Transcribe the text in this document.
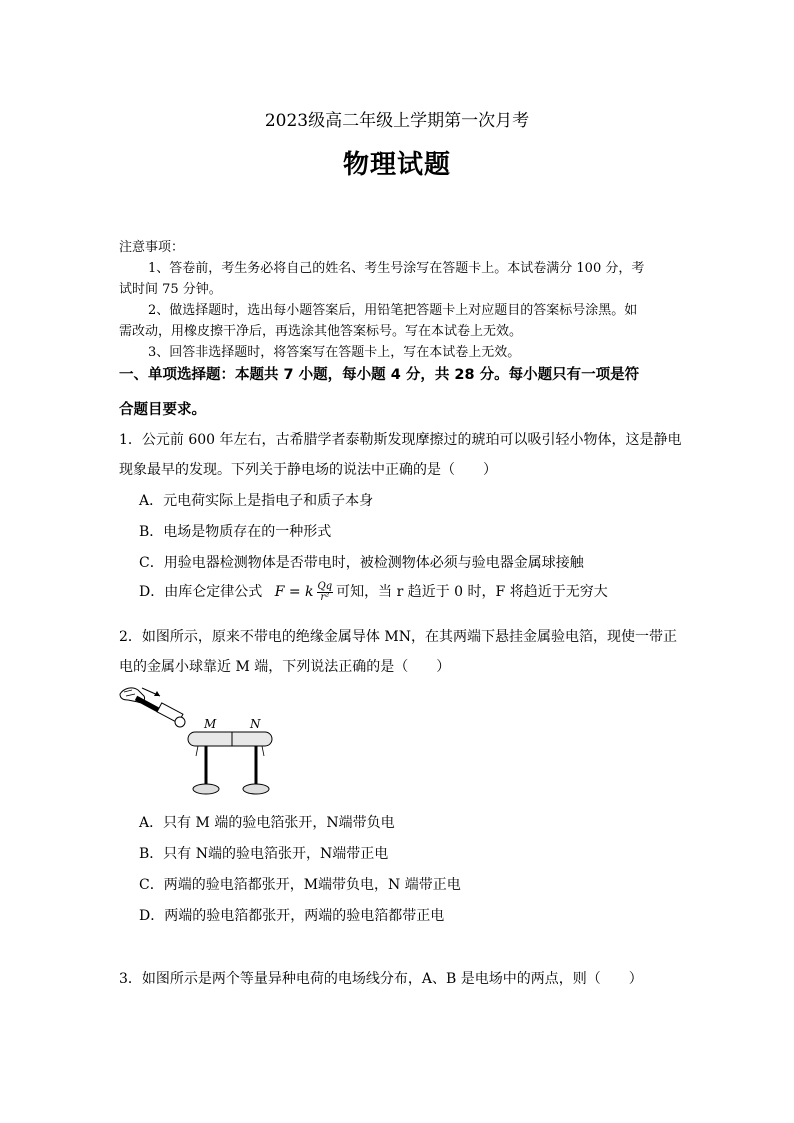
2023级高二年级上学期第一次月考
物理试题
注意事项：
1、答卷前，考生务必将自己的姓名、考生号涂写在答题卡上。本试卷满分 100 分，考
试时间 75 分钟。
2、做选择题时，选出每小题答案后，用铅笔把答题卡上对应题目的答案标号涂黑。如
需改动，用橡皮擦干净后，再选涂其他答案标号。写在本试卷上无效。
3、回答非选择题时，将答案写在答题卡上，写在本试卷上无效。
一、单项选择题：本题共 7 小题，每小题 4 分，共 28 分。每小题只有一项是符
合题目要求。
1．公元前 600 年左右，古希腊学者泰勒斯发现摩擦过的琥珀可以吸引轻小物体，这是静电
现象最早的发现。下列关于静电场的说法中正确的是（　　）
A．元电荷实际上是指电子和质子本身
B．电场是物质存在的一种形式
C．用验电器检测物体是否带电时，被检测物体必须与验电器金属球接触
D．由库仑定律公式 F = k $\frac{Qq}{\text{r²}}$ 可知，当 r 趋近于 0 时，F 将趋近于无穷大
2．如图所示，原来不带电的绝缘金属导体 MN，在其两端下悬挂金属验电箔，现使一带正
电的金属小球靠近 M 端，下列说法正确的是（　　）
M	N
A．只有 M 端的验电箔张开，N端带负电
B．只有 N端的验电箔张开，N端带正电
C．两端的验电箔都张开，M端带负电，N 端带正电
D．两端的验电箔都张开，两端的验电箔都带正电
3．如图所示是两个等量异种电荷的电场线分布，A、B 是电场中的两点，则（　　）
